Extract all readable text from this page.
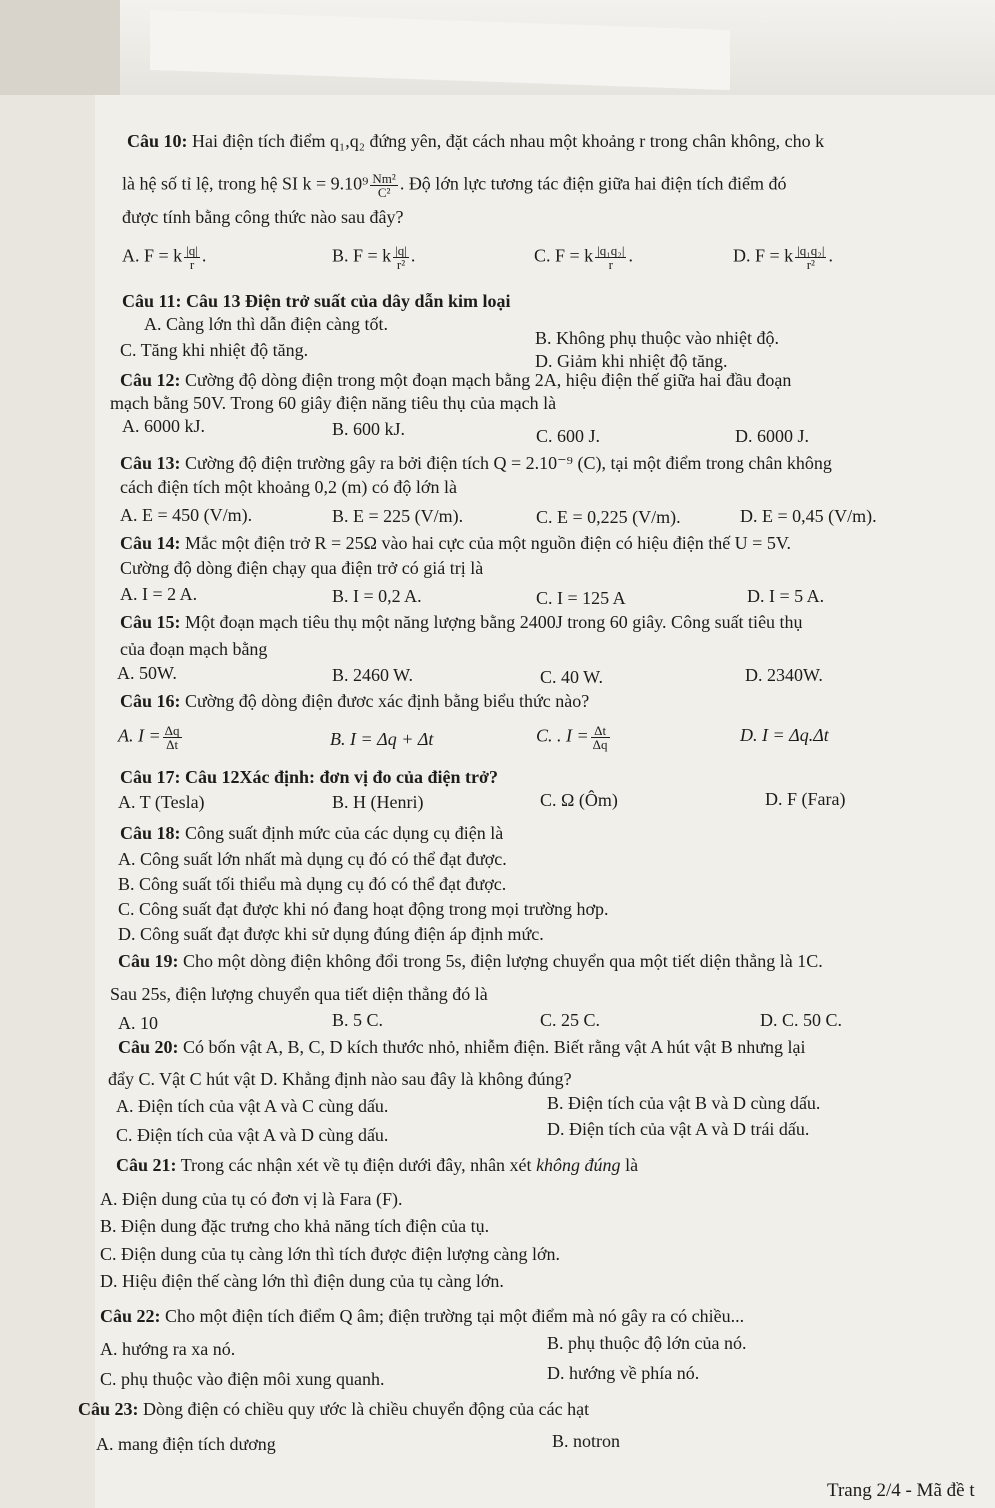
Câu 10: Hai điện tích điểm q₁,q₂ đứng yên, đặt cách nhau một khoảng r trong chân không, cho k
là hệ số tỉ lệ, trong hệ SI $k = 9.10^9 \frac{\text{Nm²}}{\text{C²}}$ . Độ lớn lực tương tác điện giữa hai điện tích điểm đó
được tính bằng công thức nào sau đây?
A. F = k $\frac{|q|}{r}$ .	B. F = k $\frac{|q|}{\text{r²}}$ .	C. F = k $\frac{\text{|q₁q₂|}}{r}$ .	D. F = k $\frac{\text{|q₁q₂|}}{\text{r²}}$ .
Câu 11: Câu 13 Điện trở suất của dây dẫn kim loại
A. Càng lớn thì dẫn điện càng tốt.
B. Không phụ thuộc vào nhiệt độ.
C. Tăng khi nhiệt độ tăng.
D. Giảm khi nhiệt độ tăng.
Câu 12: Cường độ dòng điện trong một đoạn mạch bằng 2A, hiệu điện thế giữa hai đầu đoạn
mạch bằng 50V. Trong 60 giây điện năng tiêu thụ của mạch là
A. 6000 kJ.	B. 600 kJ.	C. 600 J.	D. 6000 J.
Câu 13: Cường độ điện trường gây ra bởi điện tích Q = 2.10⁻⁹ (C), tại một điểm trong chân không
cách điện tích một khoảng 0,2 (m) có độ lớn là
A. E = 450 (V/m).	B. E = 225 (V/m).	C. E = 0,225 (V/m).	D. E = 0,45 (V/m).
Câu 14: Mắc một điện trở R = 25Ω vào hai cực của một nguồn điện có hiệu điện thế U = 5V.
Cường độ dòng điện chạy qua điện trở có giá trị là
A. I = 2 A.	B. I = 0,2 A.	C. I = 125 A	D. I = 5 A.
Câu 15: Một đoạn mạch tiêu thụ một năng lượng bằng 2400J trong 60 giây. Công suất tiêu thụ
của đoạn mạch bằng
A. 50W.	B. 2460 W.	C. 40 W.	D. 2340W.
Câu 16: Cường độ dòng điện đươc xác định bằng biểu thức nào?
A. $I = \frac{\Delta q}{\Delta t}$	B. I = Δq + Δt	C. . $I = \frac{\Delta t}{\Delta q}$	D. I = Δq.Δt
Câu 17: Câu 12Xác định: đơn vị đo của điện trở?
A. T (Tesla)	B. H (Henri)	C. Ω (Ôm)	D. F (Fara)
Câu 18: Công suất định mức của các dụng cụ điện là
A. Công suất lớn nhất mà dụng cụ đó có thể đạt được.
B. Công suất tối thiểu mà dụng cụ đó có thể đạt được.
C. Công suất đạt được khi nó đang hoạt động trong mọi trường hơp.
D. Công suất đạt được khi sử dụng đúng điện áp định mức.
Câu 19: Cho một dòng điện không đổi trong 5s, điện lượng chuyển qua một tiết diện thẳng là 1C.
Sau 25s, điện lượng chuyển qua tiết diện thẳng đó là
A. 10	B. 5 C.	C. 25 C.	D. C. 50 C.
Câu 20: Có bốn vật A, B, C, D kích thước nhỏ, nhiễm điện. Biết rằng vật A hút vật B nhưng lại
đẩy C. Vật C hút vật D. Khẳng định nào sau đây là không đúng?
A. Điện tích của vật A và C cùng dấu.	B. Điện tích của vật B và D cùng dấu.
C. Điện tích của vật A và D cùng dấu.	D. Điện tích của vật A và D trái dấu.
Câu 21: Trong các nhận xét về tụ điện dưới đây, nhân xét không đúng là
A. Điện dung của tụ có đơn vị là Fara (F).
B. Điện dung đặc trưng cho khả năng tích điện của tụ.
C. Điện dung của tụ càng lớn thì tích được điện lượng càng lớn.
D. Hiệu điện thế càng lớn thì điện dung của tụ càng lớn.
Câu 22: Cho một điện tích điểm Q âm; điện trường tại một điểm mà nó gây ra có chiều...
A. hướng ra xa nó.	B. phụ thuộc độ lớn của nó.
C. phụ thuộc vào điện môi xung quanh.	D. hướng về phía nó.
Câu 23: Dòng điện có chiều quy ước là chiều chuyển động của các hạt
A. mang điện tích dương	B. notron
Trang 2/4 - Mã đề t
